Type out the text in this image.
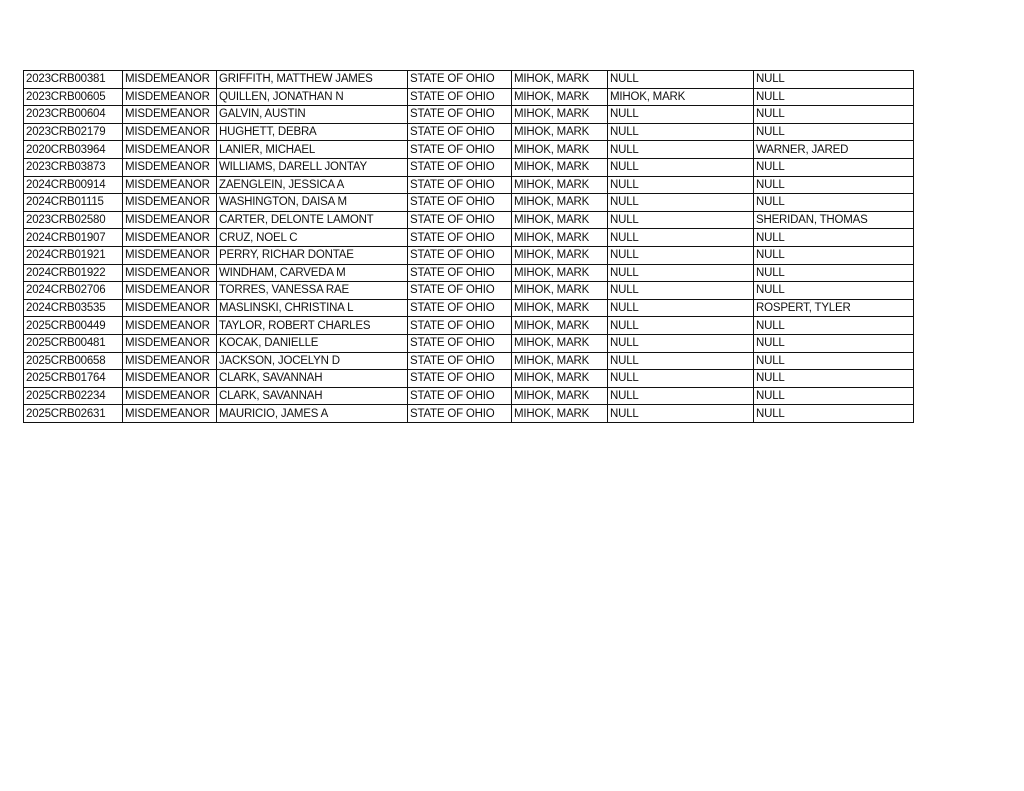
2023CRB00381	MISDEMEANOR	GRIFFITH, MATTHEW JAMES	STATE OF OHIO	MIHOK, MARK	NULL	NULL
2023CRB00605	MISDEMEANOR	QUILLEN, JONATHAN N	STATE OF OHIO	MIHOK, MARK	MIHOK, MARK	NULL
2023CRB00604	MISDEMEANOR	GALVIN, AUSTIN	STATE OF OHIO	MIHOK, MARK	NULL	NULL
2023CRB02179	MISDEMEANOR	HUGHETT, DEBRA	STATE OF OHIO	MIHOK, MARK	NULL	NULL
2020CRB03964	MISDEMEANOR	LANIER, MICHAEL	STATE OF OHIO	MIHOK, MARK	NULL	WARNER, JARED
2023CRB03873	MISDEMEANOR	WILLIAMS, DARELL JONTAY	STATE OF OHIO	MIHOK, MARK	NULL	NULL
2024CRB00914	MISDEMEANOR	ZAENGLEIN, JESSICA A	STATE OF OHIO	MIHOK, MARK	NULL	NULL
2024CRB01115	MISDEMEANOR	WASHINGTON, DAISA M	STATE OF OHIO	MIHOK, MARK	NULL	NULL
2023CRB02580	MISDEMEANOR	CARTER, DELONTE LAMONT	STATE OF OHIO	MIHOK, MARK	NULL	SHERIDAN, THOMAS
2024CRB01907	MISDEMEANOR	CRUZ, NOEL C	STATE OF OHIO	MIHOK, MARK	NULL	NULL
2024CRB01921	MISDEMEANOR	PERRY, RICHAR DONTAE	STATE OF OHIO	MIHOK, MARK	NULL	NULL
2024CRB01922	MISDEMEANOR	WINDHAM, CARVEDA M	STATE OF OHIO	MIHOK, MARK	NULL	NULL
2024CRB02706	MISDEMEANOR	TORRES, VANESSA RAE	STATE OF OHIO	MIHOK, MARK	NULL	NULL
2024CRB03535	MISDEMEANOR	MASLINSKI, CHRISTINA L	STATE OF OHIO	MIHOK, MARK	NULL	ROSPERT, TYLER
2025CRB00449	MISDEMEANOR	TAYLOR, ROBERT CHARLES	STATE OF OHIO	MIHOK, MARK	NULL	NULL
2025CRB00481	MISDEMEANOR	KOCAK, DANIELLE	STATE OF OHIO	MIHOK, MARK	NULL	NULL
2025CRB00658	MISDEMEANOR	JACKSON, JOCELYN D	STATE OF OHIO	MIHOK, MARK	NULL	NULL
2025CRB01764	MISDEMEANOR	CLARK, SAVANNAH	STATE OF OHIO	MIHOK, MARK	NULL	NULL
2025CRB02234	MISDEMEANOR	CLARK, SAVANNAH	STATE OF OHIO	MIHOK, MARK	NULL	NULL
2025CRB02631	MISDEMEANOR	MAURICIO, JAMES A	STATE OF OHIO	MIHOK, MARK	NULL	NULL
